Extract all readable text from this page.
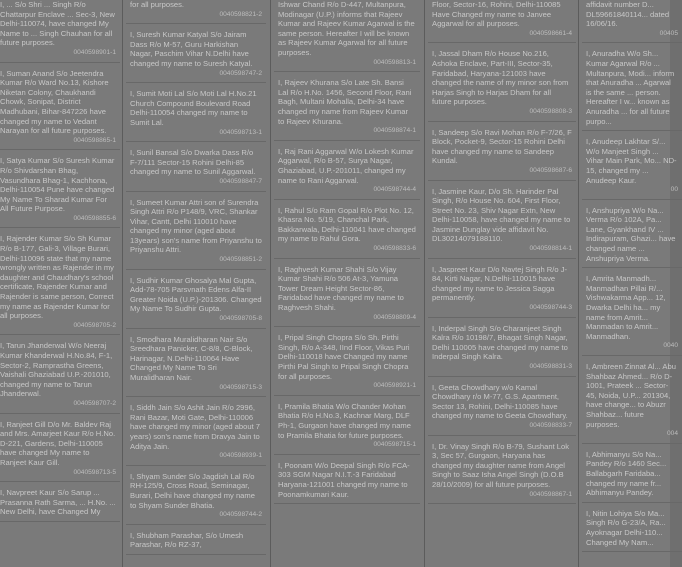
I, ... S/o Shri ... Singh R/o Chattarpur Enclave ... Sec-3, New Delhi-110074, have changed My Name to ... Singh Chauhan for all future purposes.
0040598901-1
I, Suman Anand S/o Jeetendra Kumar R/o Ward No.13, Kishore Niketan Colony, Chaukhandi Chowk, Sonipat, District Madhubani, Bihar-847226 have changed my name to Vedant Narayan for all future purposes.
0040598865-1
I, Satya Kumar S/o Suresh Kumar R/o Shivdarshan Bhag, Vasundhara Bhag-1, Kachhona, Delhi-110054 Pune have changed My Name To Sharad Kumar For All Future Purpose.
0040598855-6
I, Rajender Kumar S/o Sh Kumar R/o B-177, Gali-3, Village Burari, Delhi-110096 state that my name wrongly written as Rajender in my daughter and Chaudhary's school certificate, Rajender Kumar and Rajender is same person, Correct my name as Rajender Kumar for all purposes.
0040598705-2
I, Tarun Jhanderwal W/o Neeraj Kumar Khanderwal H.No.84, F-1, Sector-2, Ramprastha Greens, Vaishali Ghaziabad U.P.-201010, changed my name to Tarun Jhanderwal.
0040598707-2
I, Ranjeet Gill D/o Mr. Baldev Raj and Mrs. Amarjeet Kaur R/o H.No. D-221, Gardens, Delhi-110005 have changed My name to Ranjeet Kaur Gill.
0040598713-5
I, Navpreet Kaur S/o Sarup ... Prasanna Rath Sarma, ... H.No. ... New Delhi, have Changed My
for all purposes.
0040598821-2
I, Suresh Kumar Katyal S/o Jairam Dass R/o M-57, Guru Harkishan Nagar, Paschim Vihar N.Delhi have changed my name to Suresh Katyal.
0040598747-2
I, Sumit Moti Lal S/o Moti Lal H.No.21 Church Compound Boulevard Road Delhi-110054 changed my name to Sumit Lal.
0040598713-1
I, Sunil Bansal S/o Dwarka Dass R/o F-7/111 Sector-15 Rohini Delhi-85 changed my name to Sunil Aggarwal.
0040598847-7
I, Sumeet Kumar Attri son of Surendra Singh Attri R/o P148/9, VRC, Shankar Vihar, Cantt, Delhi 110010 have changed my minor (aged about 13years) son's name from Priyanshu to Priyanshu Attri.
0040598851-2
I, Sudhir Kumar Ghosalya Mal Gupta, Add-78-705 Parsvnath Edens Alfa-II Greater Noida (U.P.)-201306. Changed My Name To Sudhir Gupta.
0040598705-8
I, Smodhara Muralidharan Nair S/o Sreedhara Panicker, C-8/8, C-Block, Harinagar, N.Delhi-110064 Have Changed My Name To Sri Muralidharan Nair.
0040598715-3
I, Siddh Jain S/o Ashit Jain R/o 2996, Rani Bazar, Moti Gate, Delhi-110006 have changed my minor (aged about 7 years) son's name from Dravya Jain to Aditya Jain.
0040598939-1
I, Shyam Sunder S/o Jagdish Lal R/o RH-125/9, Cross Road, Seminagar, Burari, Delhi have changed my name to Shyam Sunder Bhatia.
0040598744-2
I, Shubham Parashar, S/o Umesh Parashar, R/o RZ-37,
Ishwar Chand R/o D-447, Multanpura, Modinagar (U.P.) informs that Rajeev Kumar and Rajeev Kumar Agarwal is the same person. Hereafter I will be known as Rajeev Kumar Agarwal for all future purposes.
0040598813-1
I, Rajeev Khurana S/o Late Sh. Bansi Lal R/o H.No. 1456, Second Floor, Rani Bagh, Multani Mohalla, Delhi-34 have changed my name from Rajeev Kumar to Rajeev Khurana.
0040598874-1
I, Raj Rani Aggarwal W/o Lokesh Kumar Aggarwal, R/o B-57, Surya Nagar, Ghaziabad, U.P.-201011, changed my name to Rani Aggarwal.
0040598744-4
I, Rahul S/o Ram Gopal R/o Plot No. 12, Khasra No. 5/19, Chanchal Park, Bakkarwala, Delhi-110041 have changed my name to Rahul Gora.
0040598833-6
I, Raghvesh Kumar Shahi S/o Vijay Kumar Shahi R/o 506 At-3, Yamuna Tower Dream Height Sector-86, Faridabad have changed my name to Raghvesh Shahi.
0040598809-4
I, Pripal Singh Chopra S/o Sh. Pirthi Singh, R/o A-348, IInd Floor, Vikas Puri Delhi-110018 have Changed my name Pirthi Pal Singh to Pripal Singh Chopra for all purposes.
0040598921-1
I, Pramila Bhatia W/o Chander Mohan Bhatia R/o H.No.3, Kachnar Marg, DLF Ph-1, Gurgaon have changed my name to Pramila Bhatia for future purposes.
0040598715-1
I, Poonam W/o Deepal Singh R/o FCA-303 SGM Nagar N.I.T.-3 Faridabad Haryana-121001 changed my name to Poonamkumari Kaur.
Floor, Sector-16, Rohini, Delhi-110085 Have Changed my name to Janvee Aggarwal for all purposes.
0040598661-4
I, Jassal Dham R/o House No.216, Ashoka Enclave, Part-III, Sector-35, Faridabad, Haryana-121003 have changed the name of my minor son from Harjas Singh to Harjas Dham for all future purposes.
0040598808-3
I, Sandeep S/o Ravi Mohan R/o F-7/26, F Block, Pocket-9, Sector-15 Rohini Delhi have changed my name to Sandeep Kundal.
0040598687-6
I, Jasmine Kaur, D/o Sh. Harinder Pal Singh, R/o House No. 604, First Floor, Street No. 23, Shiv Nagar Extn, New Delhi-110058, have changed my name to Jasmine Dunglay vide affidavit No. DL30214079188110.
0040598814-1
I, Jaspreet Kaur D/o Navtej Singh R/o J-84, Kirti Nagar, N.Delhi-110015 have changed my name to Jessica Sagga permanently.
0040598744-3
I, Inderpal Singh S/o Charanjeet Singh Kalra R/o 10198/7, Bhagat Singh Nagar, Delhi 110005 have changed my name to Inderpal Singh Kalra.
0040598831-3
I, Geeta Chowdhary w/o Kamal Chowdhary r/o M-77, G.S. Apartment, Sector 13, Rohini, Delhi-110085 have changed my name to Geeta Chowdhary.
0040598833-7
I, Dr. Vinay Singh R/o B-79, Sushant Lok 3, Sec 57, Gurgaon, Haryana has changed my daughter name from Angel Singh to Saaz Isha Angel Singh (D.O.B 28/10/2009) for all future purposes.
0040598867-1
affidavit number D... DL59661840114... dated 16/06/16.
00405
I, Anuradha W/o Sh... Kumar Agarwal R/o ... Multanpura, Modi... inform that Anuradha ... Agarwal is the same ... person. Hereafter I w... known as Anuradha ... for all future purpo...
I, Anudeep Lakhtar S/... W/o Manjeet Singh ... Vihar Main Park, Mo... ND-15, changed my ... Anudeep Kaur.
00
I, Anshupriya W/o Na... Verma R/o 102A, Pa... Lane, Gyankhand IV ... Indirapuram, Ghazi... have changed name ... Anshupriya Verma.
I, Amrita Manmadh... Manmadhan Pillai R/... Vishwakarma App... 12, Dwarka Delhi ha... my name from Amrit... Manmadan to Amrit... Manmadhan.
0040
I, Ambreen Zinnat Al... Abu Shahbaz Ahmed... R/o D-1001, Prateek ... Sector-45, Noida, U.P... 201304, have change... to Abuzr Shahbaz... future purposes.
004
I, Abhimanyu S/o Na... Pandey R/o 1460 Sec... Ballabgarh Faridaba... changed my name fr... Abhimanyu Pandey.
I, Nitin Lohiya S/o Ma... Singh R/o G-23/A, Ra... Ayoknagar Delhi-110... Changed My Nam...
